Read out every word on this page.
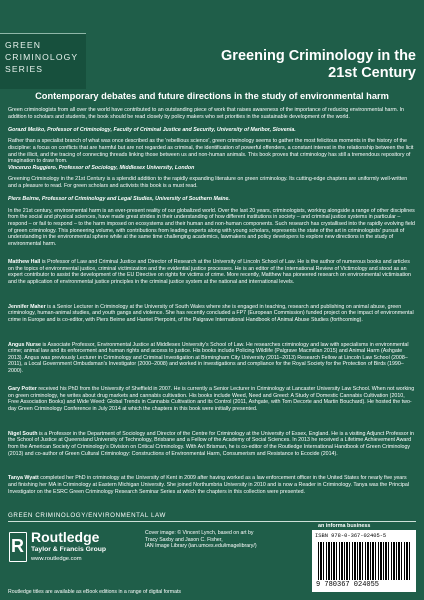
GREEN
CRIMINOLOGY
SERIES
Greening Criminology in the
21st Century
Contemporary debates and future directions in the study of environmental harm

Green criminologists from all over the world have contributed to an outstanding piece of work that raises awareness of the importance of reducing environmental harm. In addition to scholars and students, the book should be read closely by policy makers who set priorities in the sustainable development of the world.

Gorazd Meško, Professor of Criminology, Faculty of Criminal Justice and Security, University of Maribor, Slovenia.

Rather than a specialist branch of what was once described as the 'rebellious science', green criminology seems to gather the most felicitous moments in the history of the discipline: a focus on conflicts that are harmful but are not regarded as criminal, the identification of powerful offenders, a constant interest in the relationship between the licit and the illicit, and the tracing of connecting threads linking those between us and non-human animals. This book proves that criminology has still a tremendous repository of imagination to draw from.

Vincenzo Ruggiero, Professor of Sociology, Middlesex University, London

Greening Criminology in the 21st Century is a splendid addition to the rapidly expanding literature on green criminology. Its cutting-edge chapters are uniformly well-written and a pleasure to read. For green scholars and activists this book is a must read.

Piers Beirne, Professor of Criminology and Legal Studies, University of Southern Maine.

In the 21st century, environmental harm is an ever-present reality of our globalized world. Over the last 20 years, criminologists, working alongside a range of other disciplines from the social and physical sciences, have made great strides in their understanding of how different institutions in society – and criminal justice systems in particular – respond – or fail to respond – to the harm imposed on ecosystems and their human and non-human components. Such research has crystallised into the rapidly evolving field of green criminology. This pioneering volume, with contributions from leading experts along with young scholars, represents the state of the art in criminologists' pursuit of understanding in the environmental sphere while at the same time challenging academics, lawmakers and policy developers to explore new directions in the study of environmental harm.

Matthew Hall is Professor of Law and Criminal Justice and Director of Research at the University of Lincoln School of Law. He is the author of numerous books and articles on the topics of environmental justice, criminal victimization and the evidential justice processes. He is an editor of the International Review of Victimology and stood as an expert contributor to assist the development of the EU Directive on rights for victims of crime. More recently, Matthew has pioneered research on environmental victimisation and the application of environmental justice principles in the criminal justice system at the national and international levels.

Jennifer Maher is a Senior Lecturer in Criminology at the University of South Wales where she is engaged in teaching, research and publishing on animal abuse, green criminology, human-animal studies, and youth gangs and violence. She has recently concluded a FP7 (European Commission) funded project on the impact of environmental crime in Europe and is co-editor, with Piers Beirne and Harriet Pierpoint, of the Palgrave International Handbook of Animal Abuse Studies (forthcoming).

Angus Nurse is Associate Professor, Environmental Justice at Middlesex University's School of Law. He researches criminology and law with specialisms in environmental crime; animal law and its enforcement and human rights and access to justice. His books include Policing Wildlife (Palgrave Macmillan 2015) and Animal Harm (Ashgate 2013). Angus was previously Lecturer in Criminology and Criminal Investigation at Birmingham City University (2011–2013) Research Fellow at Lincoln Law School (2008–2011), a Local Government Ombudsman's Investigator (2000–2008) and worked in investigations and compliance for the Royal Society for the Protection of Birds (1990–2000).

Gary Potter received his PhD from the University of Sheffield in 2007. He is currently a Senior Lecturer in Criminology at Lancaster University Law School. When not working on green criminology, he writes about drug markets and cannabis cultivation. His books include Weed, Need and Greed: A Study of Domestic Cannabis Cultivation (2010, Free Association Books) and Wide Weed: Global Trends in Cannabis Cultivation and its Control (2011, Ashgate, with Tom Decorte and Martin Bouchard). He hosted the two-day Green Criminology Conference in July 2014 at which the chapters in this book were initially presented.

Nigel South is a Professor in the Department of Sociology and Director of the Centre for Criminology at the University of Essex, England. He is a visiting Adjunct Professor in the School of Justice at Queensland University of Technology, Brisbane and a Fellow of the Academy of Social Sciences. In 2013 he received a Lifetime Achievement Award from the American Society of Criminology's Division on Critical Criminology. With Avi Brisman, he is co-editor of the Routledge International Handbook of Green Criminology (2013) and co-author of Green Cultural Criminology: Constructions of Environmental Harm, Consumerism and Resistance to Ecocide (2014).

Tanya Wyatt completed her PhD in criminology at the University of Kent in 2009 after having worked as a law enforcement officer in the United States for nearly five years and finishing her MA in Criminology at Eastern Michigan University. She joined Northumbria University in 2010 and is now a Reader in Criminology. Tanya was the Principal Investigator on the ESRC Green Criminology Research Seminar Series at which the chapters in this collection were presented.

GREEN CRIMINOLOGY/ENVIRONMENTAL LAW
R Routledge
Taylor & Francis Group
www.routledge.com
Cover image: © Vincent Lynch, based on art by
Tracy Saxby and Jason C. Fisher,
IAN Image Library (ian.umces.edu/imagelibrary/)
an informa business
ISBN 978-0-367-02405-5
9 780367 024055
Routledge titles are available as eBook editions in a range of digital formats
